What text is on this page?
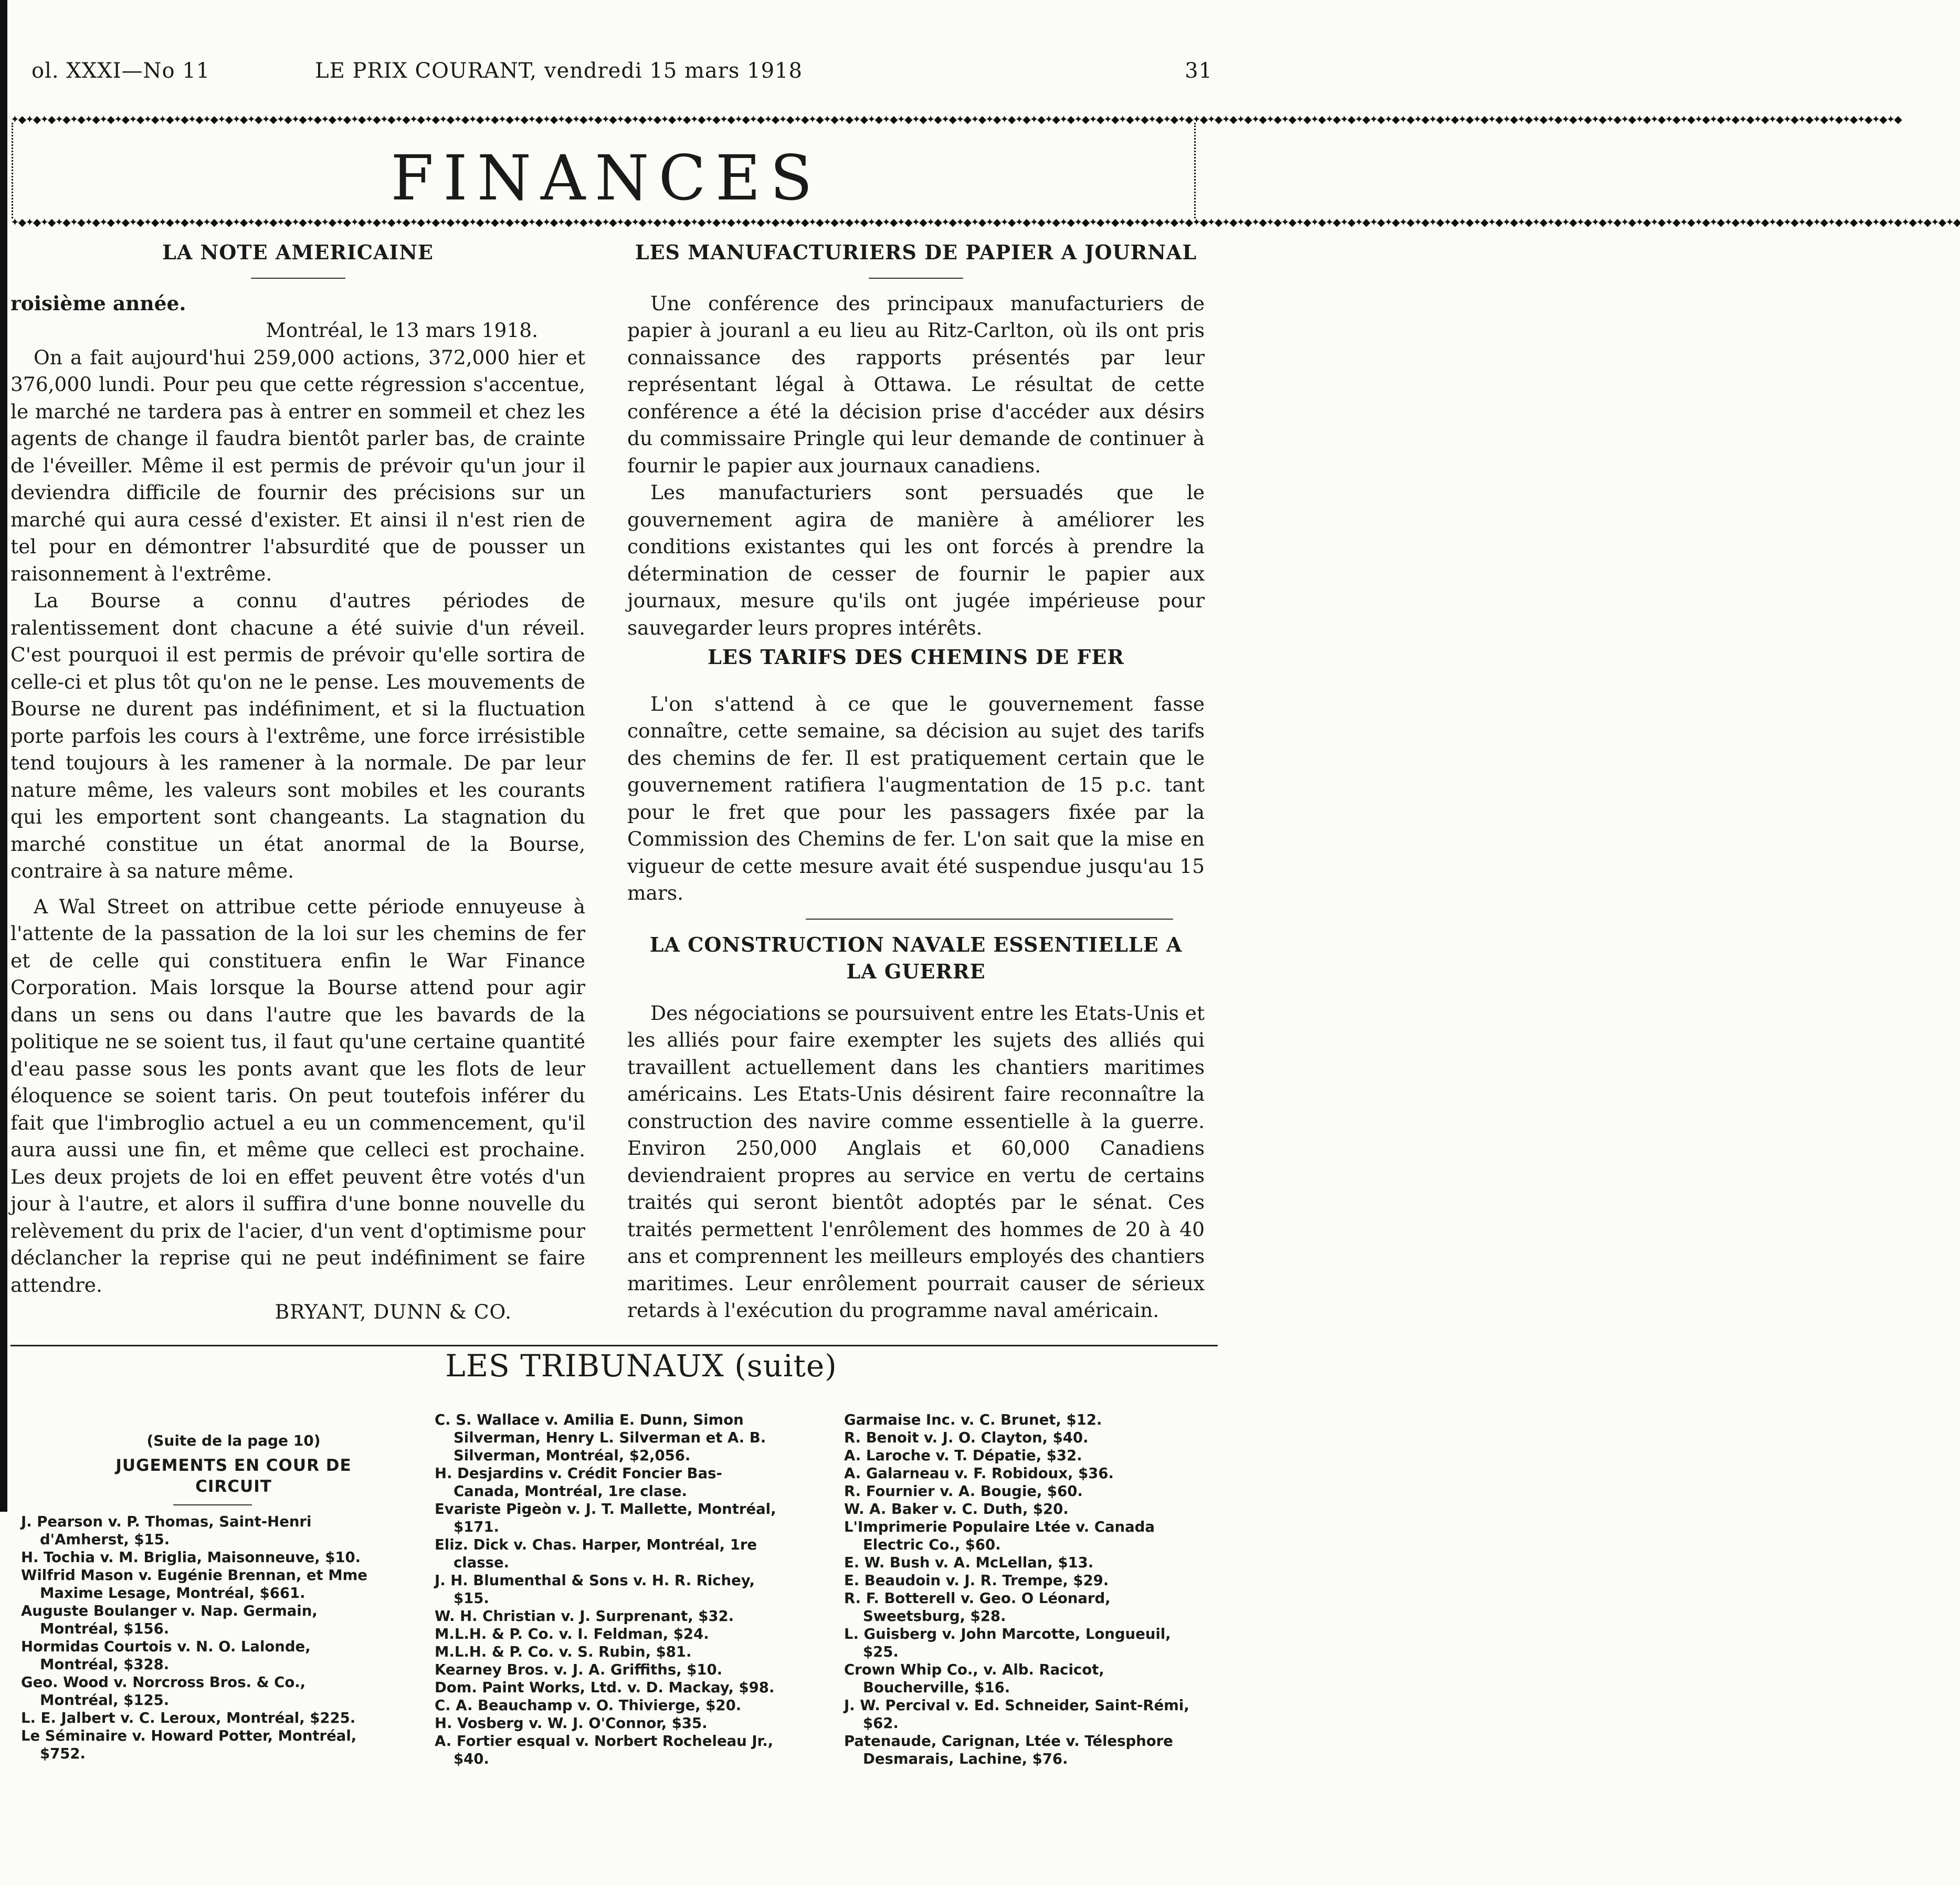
ol. XXXI—No 11	LE PRIX COURANT, vendredi 15 mars 1918	31
✦◆✦◆✦◆✦◆✦◆✦◆✦◆✦◆✦◆✦◆✦◆✦◆✦◆✦◆✦◆✦◆✦◆✦◆✦◆✦◆✦◆✦◆✦◆✦◆✦◆✦◆✦◆✦◆✦◆✦◆✦◆✦◆✦◆✦◆✦◆✦◆✦◆✦◆✦◆✦◆✦◆✦◆✦◆✦◆✦◆✦◆✦◆✦◆✦◆✦◆✦◆✦◆✦◆✦◆✦◆✦◆✦◆✦◆✦◆✦◆✦◆✦◆✦◆✦◆✦◆✦◆✦◆✦◆✦◆✦◆✦◆✦◆✦◆✦◆✦◆✦◆✦◆✦◆✦◆✦◆✦◆✦◆✦◆✦◆✦◆✦◆✦◆✦◆✦◆✦◆✦◆✦◆✦◆✦◆✦◆✦◆✦◆✦◆✦◆✦◆✦◆✦◆✦◆✦◆✦◆✦◆✦◆✦◆✦◆✦◆✦◆✦◆✦◆✦◆✦◆✦◆✦◆✦◆✦◆✦◆✦◆✦◆✦◆✦◆✦◆✦◆✦◆✦◆
FINANCES
✦◆✦◆✦◆✦◆✦◆✦◆✦◆✦◆✦◆✦◆✦◆✦◆✦◆✦◆✦◆✦◆✦◆✦◆✦◆✦◆✦◆✦◆✦◆✦◆✦◆✦◆✦◆✦◆✦◆✦◆✦◆✦◆✦◆✦◆✦◆✦◆✦◆✦◆✦◆✦◆✦◆✦◆✦◆✦◆✦◆✦◆✦◆✦◆✦◆✦◆✦◆✦◆✦◆✦◆✦◆✦◆✦◆✦◆✦◆✦◆✦◆✦◆✦◆✦◆✦◆✦◆✦◆✦◆✦◆✦◆✦◆✦◆✦◆✦◆✦◆✦◆✦◆✦◆✦◆✦◆✦◆✦◆✦◆✦◆✦◆✦◆✦◆✦◆✦◆✦◆✦◆✦◆✦◆✦◆✦◆✦◆✦◆✦◆✦◆✦◆✦◆✦◆✦◆✦◆✦◆✦◆✦◆✦◆✦◆✦◆✦◆✦◆✦◆✦◆✦◆✦◆✦◆✦◆✦◆✦◆✦◆✦◆✦◆✦◆✦◆✦◆✦◆✦◆✦◆✦◆✦◆✦◆

LA NOTE AMERICAINE

roisième année.

Montréal, le 13 mars 1918.

On a fait aujourd'hui 259,000 actions, 372,000 hier et 376,000 lundi. Pour peu que cette régression s'accentue, le marché ne tardera pas à entrer en sommeil et chez les agents de change il faudra bientôt parler bas, de crainte de l'éveiller. Même il est permis de prévoir qu'un jour il deviendra difficile de fournir des précisions sur un marché qui aura cessé d'exister. Et ainsi il n'est rien de tel pour en démontrer l'absurdité que de pousser un raisonnement à l'extrême.

La Bourse a connu d'autres périodes de ralentissement dont chacune a été suivie d'un réveil. C'est pourquoi il est permis de prévoir qu'elle sortira de celle-ci et plus tôt qu'on ne le pense. Les mouvements de Bourse ne durent pas indéfiniment, et si la fluctuation porte parfois les cours à l'extrême, une force irrésistible tend toujours à les ramener à la normale. De par leur nature même, les valeurs sont mobiles et les courants qui les emportent sont changeants. La stagnation du marché constitue un état anormal de la Bourse, contraire à sa nature même.

A Wal Street on attribue cette période ennuyeuse à l'attente de la passation de la loi sur les chemins de fer et de celle qui constituera enfin le War Finance Corporation. Mais lorsque la Bourse attend pour agir dans un sens ou dans l'autre que les bavards de la politique ne se soient tus, il faut qu'une certaine quantité d'eau passe sous les ponts avant que les flots de leur éloquence se soient taris. On peut toutefois inférer du fait que l'imbroglio actuel a eu un commencement, qu'il aura aussi une fin, et même que celleci est prochaine. Les deux projets de loi en effet peuvent être votés d'un jour à l'autre, et alors il suffira d'une bonne nouvelle du relèvement du prix de l'acier, d'un vent d'optimisme pour déclancher la reprise qui ne peut indéfiniment se faire attendre.

BRYANT, DUNN & CO.

LES MANUFACTURIERS DE PAPIER A JOURNAL

Une conférence des principaux manufacturiers de papier à jouranl a eu lieu au Ritz-Carlton, où ils ont pris connaissance des rapports présentés par leur représentant légal à Ottawa. Le résultat de cette conférence a été la décision prise d'accéder aux désirs du commissaire Pringle qui leur demande de continuer à fournir le papier aux journaux canadiens.

Les manufacturiers sont persuadés que le gouvernement agira de manière à améliorer les conditions existantes qui les ont forcés à prendre la détermination de cesser de fournir le papier aux journaux, mesure qu'ils ont jugée impérieuse pour sauvegarder leurs propres intérêts.

LES TARIFS DES CHEMINS DE FER

L'on s'attend à ce que le gouvernement fasse connaître, cette semaine, sa décision au sujet des tarifs des chemins de fer. Il est pratiquement certain que le gouvernement ratifiera l'augmentation de 15 p.c. tant pour le fret que pour les passagers fixée par la Commission des Chemins de fer. L'on sait que la mise en vigueur de cette mesure avait été suspendue jusqu'au 15 mars.

LA CONSTRUCTION NAVALE ESSENTIELLE A LA GUERRE

Des négociations se poursuivent entre les Etats-Unis et les alliés pour faire exempter les sujets des alliés qui travaillent actuellement dans les chantiers maritimes américains. Les Etats-Unis désirent faire reconnaître la construction des navire comme essentielle à la guerre. Environ 250,000 Anglais et 60,000 Canadiens deviendraient propres au service en vertu de certains traités qui seront bientôt adoptés par le sénat. Ces traités permettent l'enrôlement des hommes de 20 à 40 ans et comprennent les meilleurs employés des chantiers maritimes. Leur enrôlement pourrait causer de sérieux retards à l'exécution du programme naval américain.

LES TRIBUNAUX (suite)
(Suite de la page 10)
JUGEMENTS EN COUR DE CIRCUIT
J. Pearson v. P. Thomas, Saint-Henri d'Amherst, $15.
H. Tochia v. M. Briglia, Maisonneuve, $10.
Wilfrid Mason v. Eugénie Brennan, et Mme Maxime Lesage, Montréal, $661.
Auguste Boulanger v. Nap. Germain, Montréal, $156.
Hormidas Courtois v. N. O. Lalonde, Montréal, $328.
Geo. Wood v. Norcross Bros. & Co., Montréal, $125.
L. E. Jalbert v. C. Leroux, Montréal, $225.
Le Séminaire v. Howard Potter, Montréal, $752.
C. S. Wallace v. Amilia E. Dunn, Simon Silverman, Henry L. Silverman et A. B. Silverman, Montréal, $2,056.
H. Desjardins v. Crédit Foncier Bas-Canada, Montréal, 1re clase.
Evariste Pigeòn v. J. T. Mallette, Montréal, $171.
Eliz. Dick v. Chas. Harper, Montréal, 1re classe.
J. H. Blumenthal & Sons v. H. R. Richey, $15.
W. H. Christian v. J. Surprenant, $32.
M.L.H. & P. Co. v. I. Feldman, $24.
M.L.H. & P. Co. v. S. Rubin, $81.
Kearney Bros. v. J. A. Griffiths, $10.
Dom. Paint Works, Ltd. v. D. Mackay, $98.
C. A. Beauchamp v. O. Thivierge, $20.
H. Vosberg v. W. J. O'Connor, $35.
A. Fortier esqual v. Norbert Rocheleau Jr., $40.
Garmaise Inc. v. C. Brunet, $12.
R. Benoit v. J. O. Clayton, $40.
A. Laroche v. T. Dépatie, $32.
A. Galarneau v. F. Robidoux, $36.
R. Fournier v. A. Bougie, $60.
W. A. Baker v. C. Duth, $20.
L'Imprimerie Populaire Ltée v. Canada Electric Co., $60.
E. W. Bush v. A. McLellan, $13.
E. Beaudoin v. J. R. Trempe, $29.
R. F. Botterell v. Geo. O Léonard, Sweetsburg, $28.
L. Guisberg v. John Marcotte, Longueuil, $25.
Crown Whip Co., v. Alb. Racicot, Boucherville, $16.
J. W. Percival v. Ed. Schneider, Saint-Rémi, $62.
Patenaude, Carignan, Ltée v. Télesphore Desmarais, Lachine, $76.
